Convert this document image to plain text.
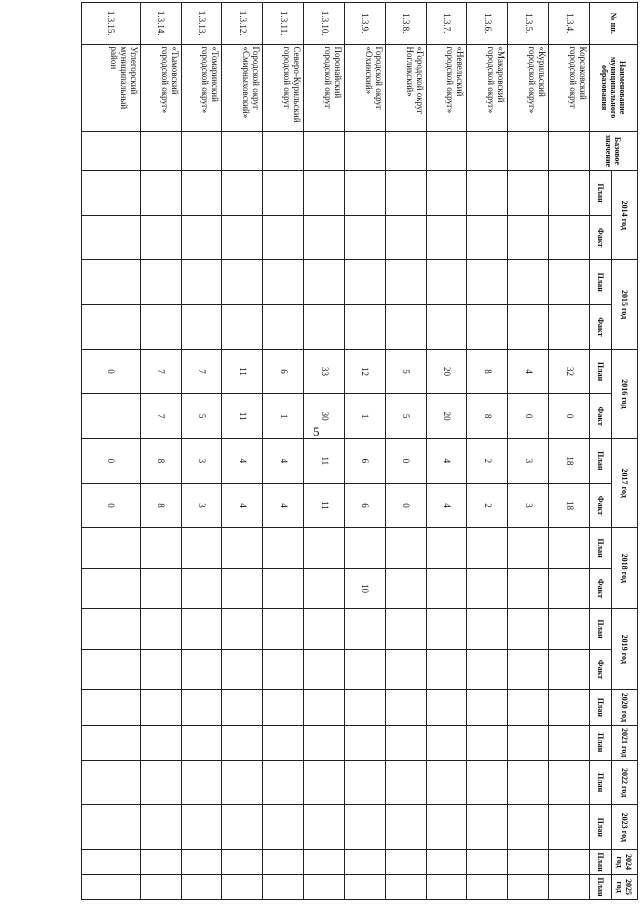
5
№ пп.	Наименование муниципального образования	Базовое значение	2014 год		2015 год		2016 год		2017 год		2018 год		2019 год		2020 год	2021 год	2022 год	2023 год	2024 год	2025 год
			План	Факт	План	Факт	План	Факт	План	Факт	План	Факт	План	Факт	План	План	План	План	План	План
1.3.4.	Корсаковский городской округ						32	0	18	18										
1.3.5.	«Курильский городской округ»						4	0	3	3										
1.3.6.	«Макаровский городской округ»						8	8	2	2										
1.3.7.	«Невельский городской округ»						20	20	4	4										
1.3.8.	«Городской округ Ногликский»						5	5	0	0										
1.3.9.	Городской округ «Охинский»						12	1	6	6		10								
1.3.10.	Поронайский городской округ						33	30	11	11										
1.3.11.	Северо-Курильский городской округ						6	1	4	4										
1.3.12.	Городской округ «Смирныховский»						11	11	4	4										
1.3.13.	«Томаринский городской округ»						7	5	3	3										
1.3.14.	«Тымовский городской округ»						7	7	8	8										
1.3.15.	Углегорский муниципальный район						0		0	0										
